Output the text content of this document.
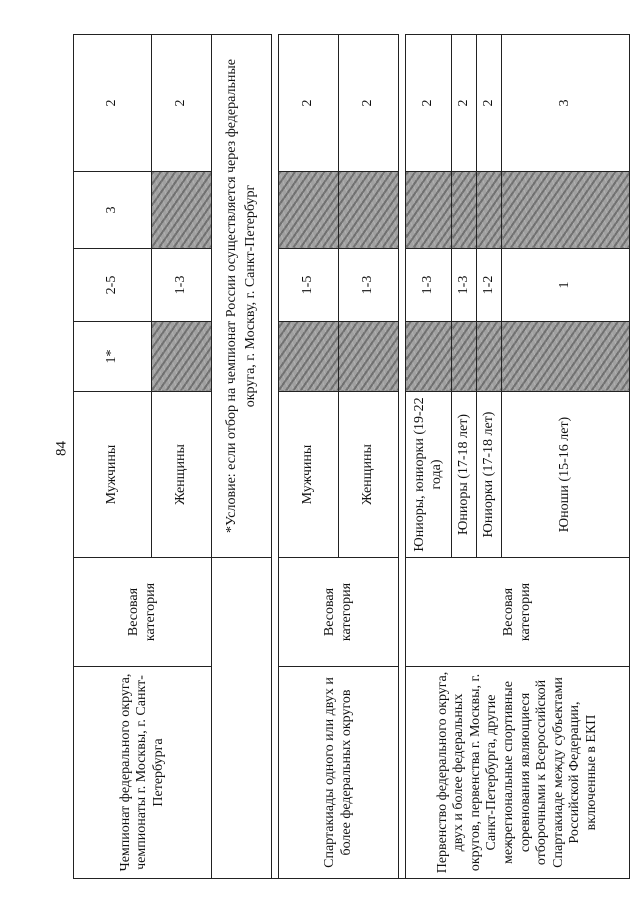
84
Чемпионат федерального округа, чемпионаты г. Москвы, г. Санкт-Петербурга	Весовая категория	Мужчины	1*	2-5	3	2
		Женщины		1-3		2
		*Условие: если отбор на чемпионат России осуществляется через федеральные округа, г. Москву, г. Санкт-Петербург				

Спартакиады одного или двух и более федеральных округов	Весовая категория	Мужчины		1-5		2
		Женщины		1-3		2

Первенство федерального округа, двух и более федеральных округов, первенства г. Москвы, г. Санкт-Петербурга, другие межрегиональные спортивные соревнования являющиеся отборочными к Всероссийской Спартакиаде между субъектами Российской Федерации, включенные в ЕКП	Весовая категория	Юниоры, юниорки (19-22 года)		1-3		2
		Юниоры (17-18 лет)		1-3		2
		Юниорки (17-18 лет)		1-2		2
		Юноши (15-16 лет)		1		3
